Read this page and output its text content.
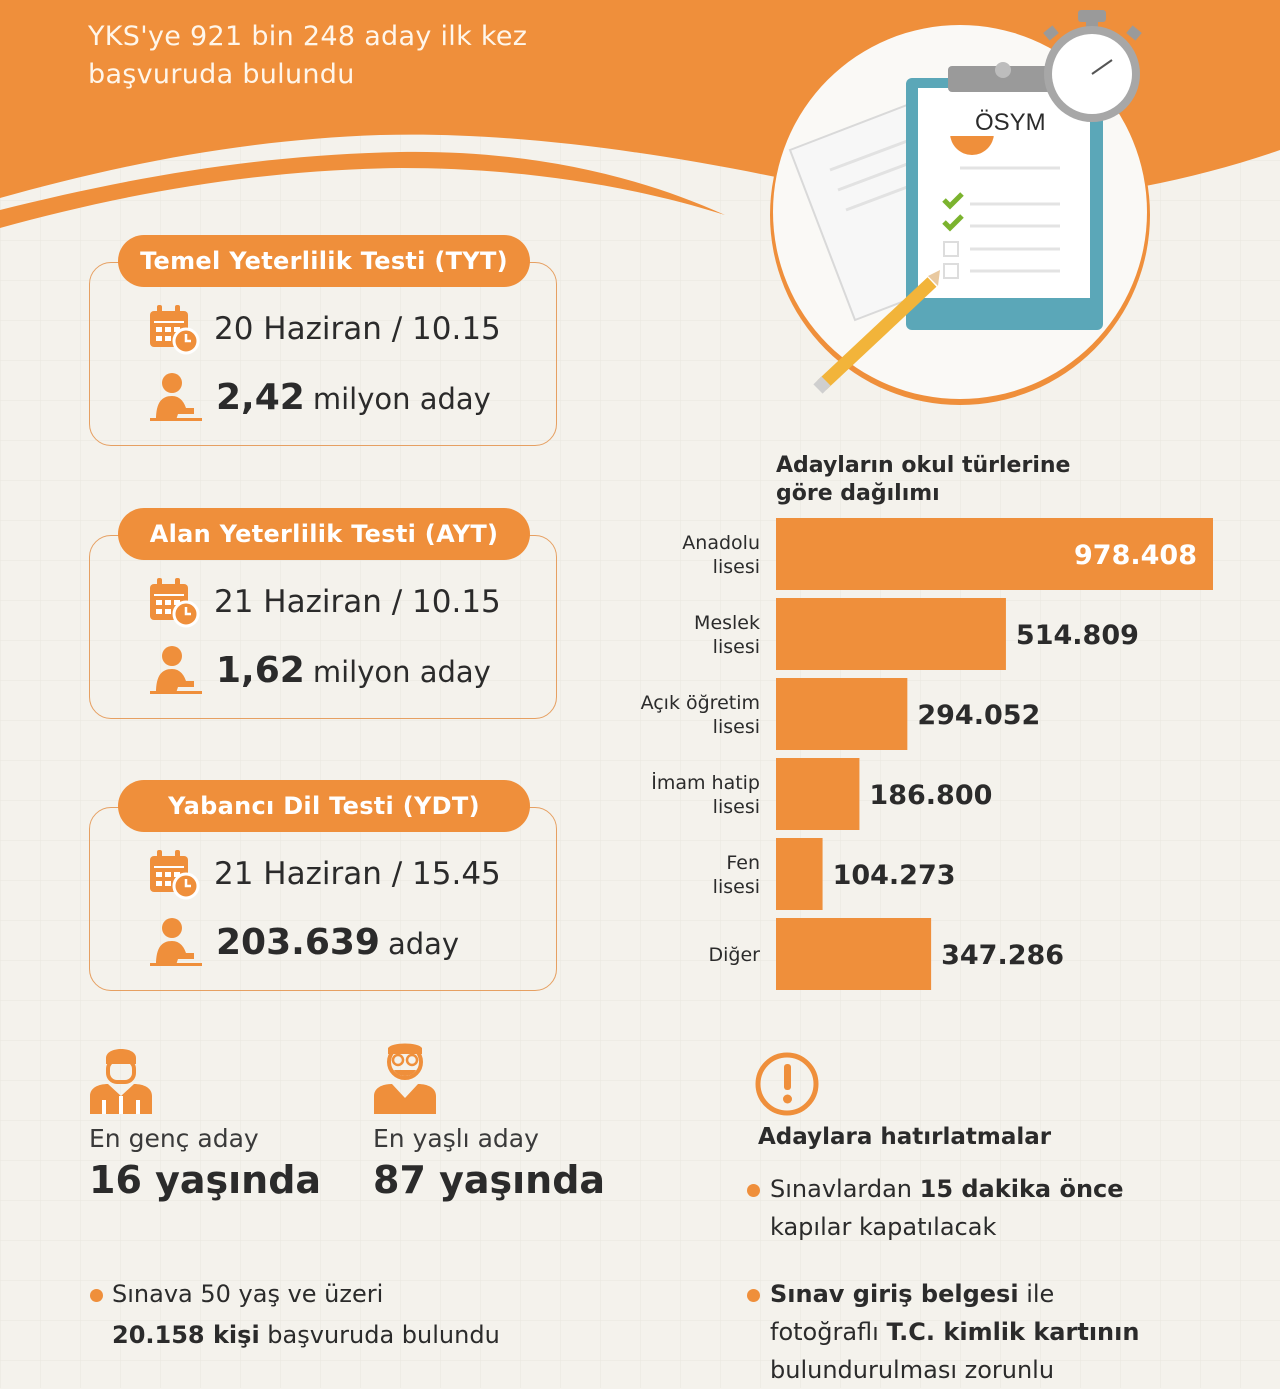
YKS'ye 921 bin 248 aday ilk kez
başvuruda bulundu
ÖSYM
Temel Yeterlilik Testi (TYT)
20 Haziran / 10.15
2,42 milyon aday
Alan Yeterlilik Testi (AYT)
21 Haziran / 10.15
1,62 milyon aday
Yabancı Dil Testi (YDT)
21 Haziran / 15.45
203.639 aday
Adayların okul türlerine
göre dağılımı
978.408
Anadolu
lisesi
514.809
Meslek
lisesi
294.052
Açık öğretim
lisesi
186.800
İmam hatip
lisesi
104.273
Fen
lisesi
347.286
Diğer
En genç aday
16 yaşında
En yaşlı aday
87 yaşında
Sınava 50 yaş ve üzeri
20.158 kişi başvuruda bulundu
Adaylara hatırlatmalar
Sınavlardan 15 dakika önce
kapılar kapatılacak
Sınav giriş belgesi ile
fotoğraflı T.C. kimlik kartının
bulundurulması zorunlu
